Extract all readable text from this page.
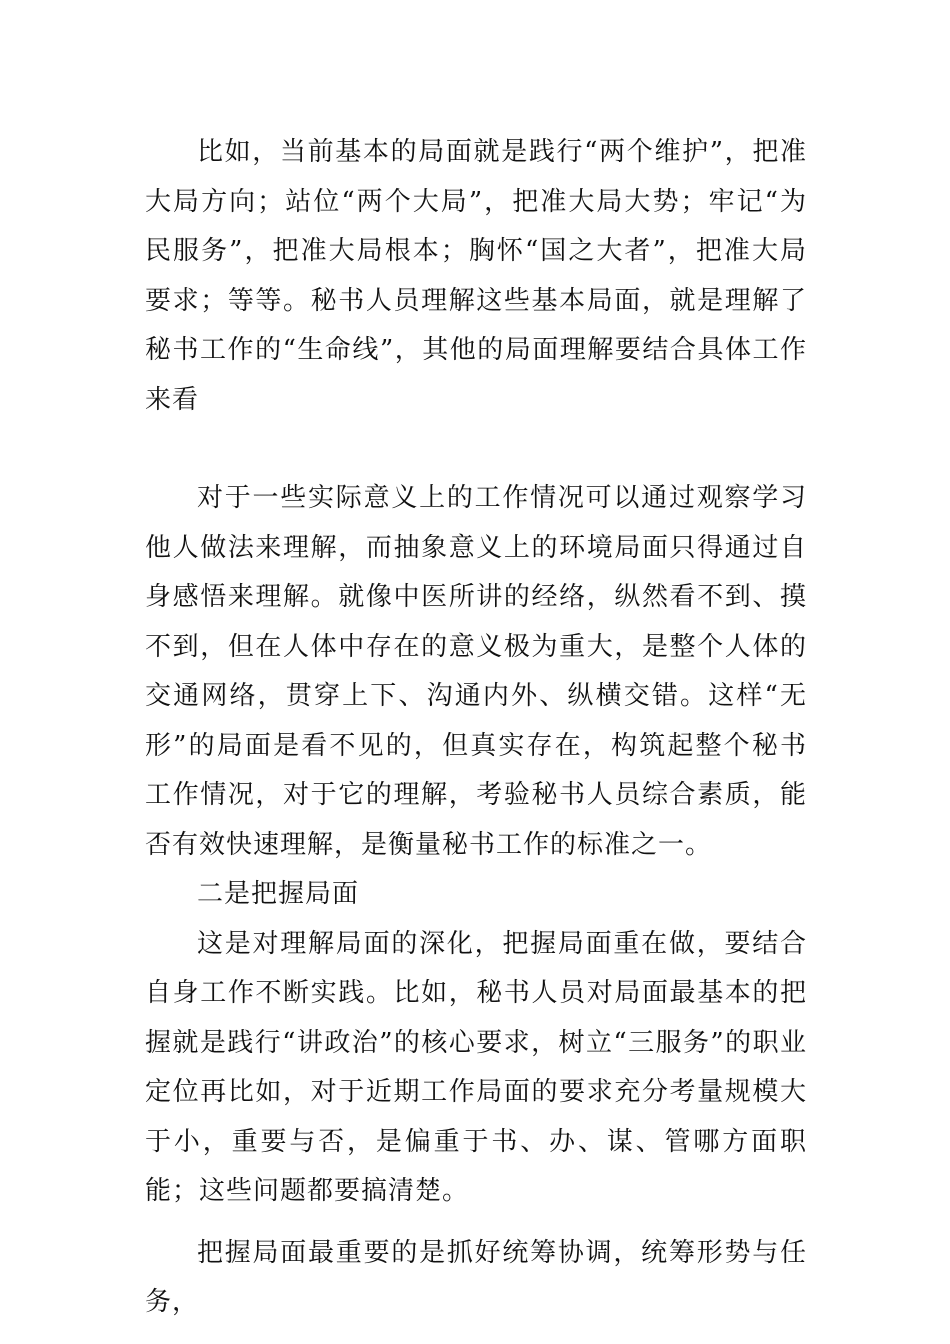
比如，当前基本的局面就是践行“两个维护”，把准大局方向；站位“两个大局”，把准大局大势；牢记“为民服务”，把准大局根本；胸怀“国之大者”，把准大局要求；等等。秘书人员理解这些基本局面，就是理解了秘书工作的“生命线”，其他的局面理解要结合具体工作来看

对于一些实际意义上的工作情况可以通过观察学习他人做法来理解，而抽象意义上的环境局面只得通过自身感悟来理解。就像中医所讲的经络，纵然看不到、摸不到，但在人体中存在的意义极为重大，是整个人体的交通网络，贯穿上下、沟通内外、纵横交错。这样“无形”的局面是看不见的，但真实存在，构筑起整个秘书工作情况，对于它的理解，考验秘书人员综合素质，能否有效快速理解，是衡量秘书工作的标准之一。

二是把握局面

这是对理解局面的深化，把握局面重在做，要结合自身工作不断实践。比如，秘书人员对局面最基本的把握就是践行“讲政治”的核心要求，树立“三服务”的职业定位再比如，对于近期工作局面的要求充分考量规模大于小，重要与否，是偏重于书、办、谋、管哪方面职能；这些问题都要搞清楚。

把握局面最重要的是抓好统筹协调，统筹形势与任务，
